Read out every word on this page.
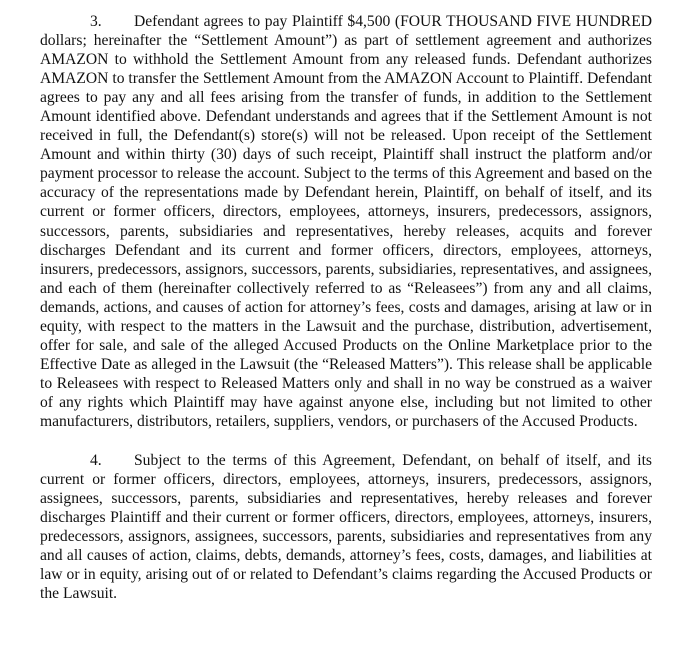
3. Defendant agrees to pay Plaintiff $4,500 (FOUR THOUSAND FIVE HUNDRED dollars; hereinafter the “Settlement Amount”) as part of settlement agreement and authorizes AMAZON to withhold the Settlement Amount from any released funds. Defendant authorizes AMAZON to transfer the Settlement Amount from the AMAZON Account to Plaintiff. Defendant agrees to pay any and all fees arising from the transfer of funds, in addition to the Settlement Amount identified above. Defendant understands and agrees that if the Settlement Amount is not received in full, the Defendant(s) store(s) will not be released. Upon receipt of the Settlement Amount and within thirty (30) days of such receipt, Plaintiff shall instruct the platform and/or payment processor to release the account. Subject to the terms of this Agreement and based on the accuracy of the representations made by Defendant herein, Plaintiff, on behalf of itself, and its current or former officers, directors, employees, attorneys, insurers, predecessors, assignors, successors, parents, subsidiaries and representatives, hereby releases, acquits and forever discharges Defendant and its current and former officers, directors, employees, attorneys, insurers, predecessors, assignors, successors, parents, subsidiaries, representatives, and assignees, and each of them (hereinafter collectively referred to as “Releasees”) from any and all claims, demands, actions, and causes of action for attorney’s fees, costs and damages, arising at law or in equity, with respect to the matters in the Lawsuit and the purchase, distribution, advertisement, offer for sale, and sale of the alleged Accused Products on the Online Marketplace prior to the Effective Date as alleged in the Lawsuit (the “Released Matters”). This release shall be applicable to Releasees with respect to Released Matters only and shall in no way be construed as a waiver of any rights which Plaintiff may have against anyone else, including but not limited to other manufacturers, distributors, retailers, suppliers, vendors, or purchasers of the Accused Products.

4. Subject to the terms of this Agreement, Defendant, on behalf of itself, and its current or former officers, directors, employees, attorneys, insurers, predecessors, assignors, assignees, successors, parents, subsidiaries and representatives, hereby releases and forever discharges Plaintiff and their current or former officers, directors, employees, attorneys, insurers, predecessors, assignors, assignees, successors, parents, subsidiaries and representatives from any and all causes of action, claims, debts, demands, attorney’s fees, costs, damages, and liabilities at law or in equity, arising out of or related to Defendant’s claims regarding the Accused Products or the Lawsuit.
